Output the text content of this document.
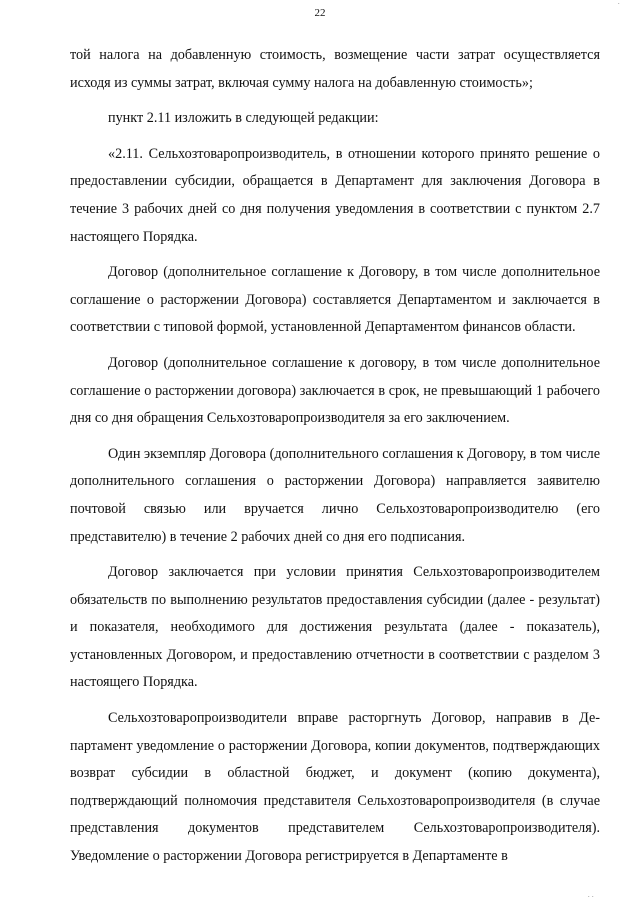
·
22

той налога на добавленную стоимость, возмещение части затрат осуществляется исходя из суммы затрат, включая сумму налога на добавленную стоимость»;

пункт 2.11 изложить в следующей редакции:

«2.11. Сельхозтоваропроизводитель, в отношении которого принято решение о предоставлении субсидии, обращается в Департамент для заключения Договора в течение 3 рабочих дней со дня получения уведомления в соответствии с пунктом 2.7 настоящего Порядка.

Договор (дополнительное соглашение к Договору, в том числе дополнительное соглашение о расторжении Договора) составляется Департаментом и заключается в соответствии с типовой формой, установленной Департаментом финансов области.

Договор (дополнительное соглашение к договору, в том числе дополнительное соглашение о расторжении договора) заключается в срок, не превышающий 1 рабочего дня со дня обращения Сельхозтоваропроизводителя за его заключением.

Один экземпляр Договора (дополнительного соглашения к Договору, в том числе дополнительного соглашения о расторжении Договора) направляется заявителю почтовой связью или вручается лично Сельхозтоваропроизводителю (его представителю) в течение 2 рабочих дней со дня его подписания.

Договор заключается при условии принятия Сельхозтоваропроизводителем обязательств по выполнению результатов предоставления субсидии (далее - результат) и показателя, необходимого для достижения результата (далее - показатель), установленных Договором, и предоставлению отчетности в соответствии с разделом 3 настоящего Порядка.

Сельхозтоваропроизводители вправе расторгнуть Договор, направив в Департамент уведомление о расторжении Договора, копии документов, подтверждающих возврат субсидии в областной бюджет, и документ (копию документа), подтверждающий полномочия представителя Сельхозтоваропроизводителя (в случае представления документов представителем Сельхозтоваропроизводителя). Уведомление о расторжении Договора регистрируется в Департаменте в

· ·
